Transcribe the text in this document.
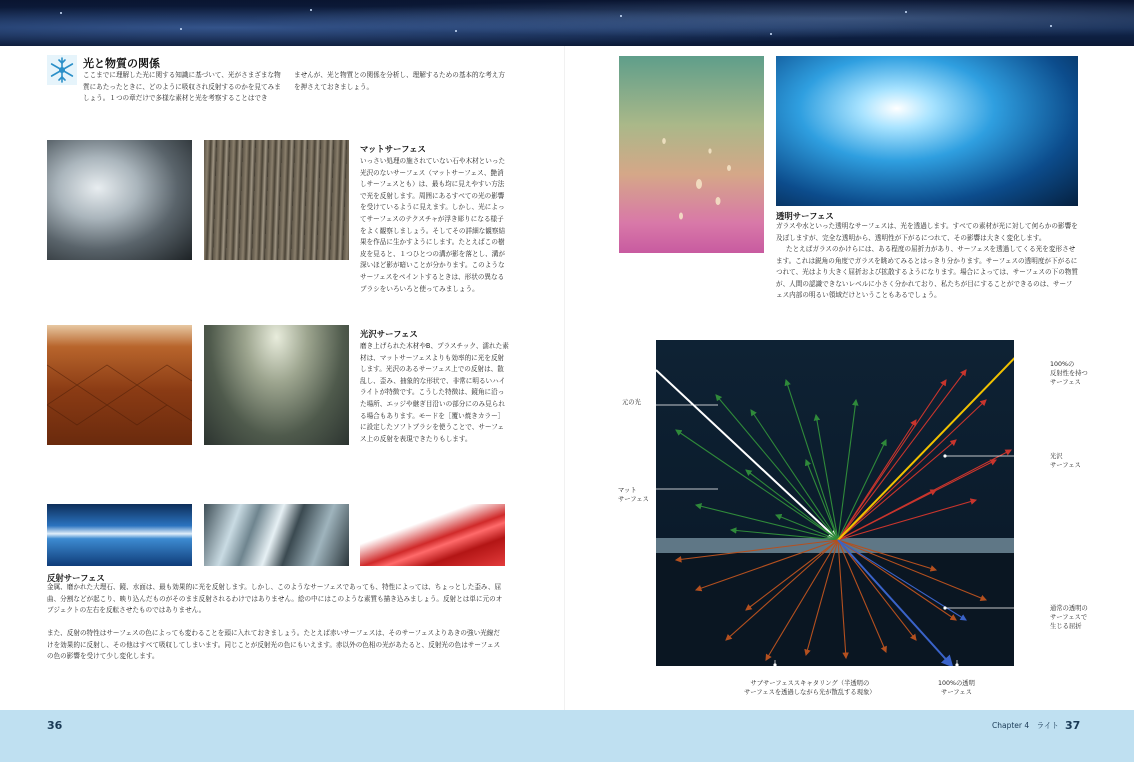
光と物質の関係
ここまでに理解した光に関する知識に基づいて、光がさまざまな物質にあたったときに、どのように吸収され反射するのかを見てみましょう。１つの章だけで多様な素材と光を考察することはでき
ませんが、光と物質との関係を分析し、理解するための基本的な考え方を押さえておきましょう。
マットサーフェス
いっさい処理の施されていない石や木材といった光沢のないサーフェス（マットサーフェス、艶消しサーフェスとも）は、最も均に見えやすい方法で光を反射します。周囲にあるすべての光の影響を受けているように見えます。しかし、光によってサーフェスのテクスチャが浮き彫りになる様子をよく観察しましょう。そしてその詳細な観察結果を作品に生かすようにします。たとえばこの樹皮を見ると、１つひとつの溝が影を落とし、溝が深いほど影が暗いことが分かります。このようなサーフェスをペイントするときは、形状の異なるブラシをいろいろと使ってみましょう。
光沢サーフェス
磨き上げられた木材やB、プラスチック、濡れた素材は、マットサーフェスよりも効率的に光を反射します。光沢のあるサーフェス上での反射は、散乱し、歪み、抽象的な形状で、非常に明るいハイライトが特徴です。こうした特徴は、鏡角に沿った場所、エッジや継ぎ目沿いの部分にのみ見られる場合もあります。モードを［覆い焼きカラー］に設定したソフトブラシを使うことで、サーフェス上の反射を表現できたりもします。
反射サーフェス
金属、磨かれた大理石、鏡、水面は、最も効果的に光を反射します。しかし、このようなサーフェスであっても、特性によっては、ちょっとした歪み、屈曲、分割などが起こり、映り込んだものがそのまま反射されるわけではありません。絵の中にはこのような素質も描き込みましょう。反射とは単に元のオブジェクトの左右を反転させたものではありません。
また、反射の特性はサーフェスの色によっても変わることを頭に入れておきましょう。たとえば赤いサーフェスは、そのサーフェスよりあきの強い光線だけを効果的に反射し、その他はすべて吸収してしまいます。同じことが反射光の色にもいえます。赤以外の色相の光があたると、反射光の色はサーフェスの色の影響を受けて少し変化します。
透明サーフェス
ガラスや水といった透明なサーフェスは、光を透過します。すべての素材が光に対して何らかの影響を及ぼしますが、完全な透明から、透明性が下がるにつれて、その影響は大きく変化します。
たとえばガラスのかけらには、ある程度の屈折力があり、サーフェスを透過してくる光を変形させます。これは鋭角の角度でガラスを眺めてみるとはっきり分かります。サーフェスの透明度が下がるにつれて、光はより大きく屈折および拡散するようになります。場合によっては、サーフェスの下の物質が、人間の認識できないレベルに小さく分かれており、私たちが目にすることができるのは、サーフェス内部の明るい領域だけということもあるでしょう。
元の光
マット
サーフェス
100%の
反射性を持つ
サーフェス
光沢
サーフェス
通常の透明の
サーフェスで
生じる屈折
サブサーフェススキャタリング（半透明の
サーフェスを透過しながら光が散乱する現象）
100%の透明
サーフェス
36	Chapter 4　ライト 37
